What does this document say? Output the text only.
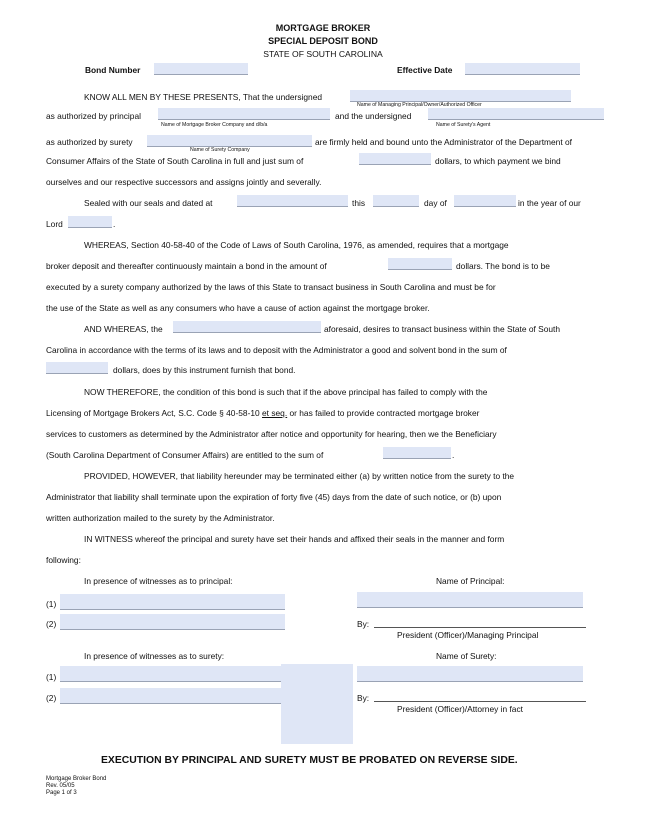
MORTGAGE BROKER
SPECIAL DEPOSIT BOND
STATE OF SOUTH CAROLINA
Bond Number	Effective Date
KNOW ALL MEN BY THESE PRESENTS, That the undersigned
Name of Managing Principal/Owner/Authorized Officer
as authorized by principal	and the undersigned
Name of Mortgage Broker Company and d/b/a	Name of Surety's Agent
as authorized by surety	are firmly held and bound unto the Administrator of the Department of
Name of Surety Company
Consumer Affairs of the State of South Carolina in full and just sum of	dollars, to which payment we bind
ourselves and our respective successors and assigns jointly and severally.
Sealed with our seals and dated at	this	day of	in the year of our
Lord	.
WHEREAS, Section 40-58-40 of the Code of Laws of South Carolina, 1976, as amended, requires that a mortgage
broker deposit and thereafter continuously maintain a bond in the amount of	dollars. The bond is to be
executed by a surety company authorized by the laws of this State to transact business in South Carolina and must be for
the use of the State as well as any consumers who have a cause of action against the mortgage broker.
AND WHEREAS, the	aforesaid, desires to transact business within the State of South
Carolina in accordance with the terms of its laws and to deposit with the Administrator a good and solvent bond in the sum of
dollars, does by this instrument furnish that bond.
NOW THEREFORE, the condition of this bond is such that if the above principal has failed to comply with the
Licensing of Mortgage Brokers Act, S.C. Code § 40-58-10 et seq. or has failed to provide contracted mortgage broker
services to customers as determined by the Administrator after notice and opportunity for hearing, then we the Beneficiary
(South Carolina Department of Consumer Affairs) are entitled to the sum of	.
PROVIDED, HOWEVER, that liability hereunder may be terminated either (a) by written notice from the surety to the
Administrator that liability shall terminate upon the expiration of forty five (45) days from the date of such notice, or (b) upon
written authorization mailed to the surety by the Administrator.
IN WITNESS whereof the principal and surety have set their hands and affixed their seals in the manner and form
following:
In presence of witnesses as to principal:	Name of Principal:
(1)
(2)	By:
President (Officer)/Managing Principal
In presence of witnesses as to surety:	Name of Surety:
(1)
(2)	By:
President (Officer)/Attorney in fact
EXECUTION BY PRINCIPAL AND SURETY MUST BE PROBATED ON REVERSE SIDE.
Mortgage Broker Bond
Rev. 05/05
Page 1 of 3
